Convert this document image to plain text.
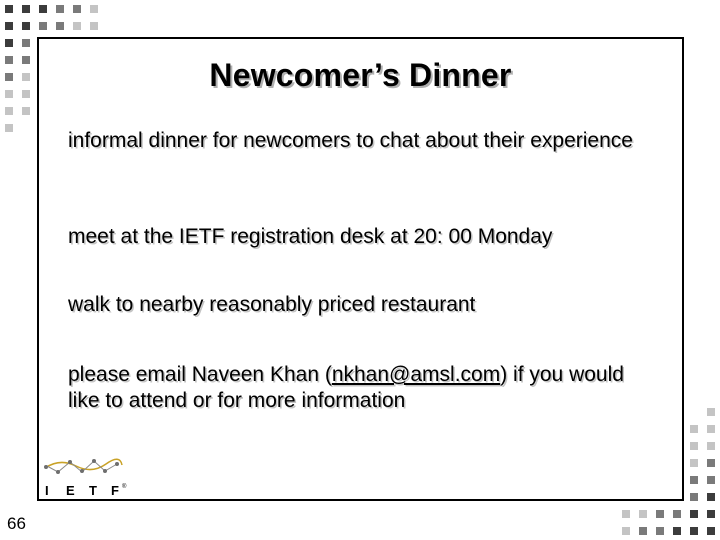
Newcomer’s Dinner
informal dinner for newcomers to chat about their experience
meet at the IETF registration desk at 20: 00 Monday
walk to nearby reasonably priced restaurant
please email Naveen Khan (nkhan@amsl.com) if you would like to attend or for more information
I E T F ®
66
